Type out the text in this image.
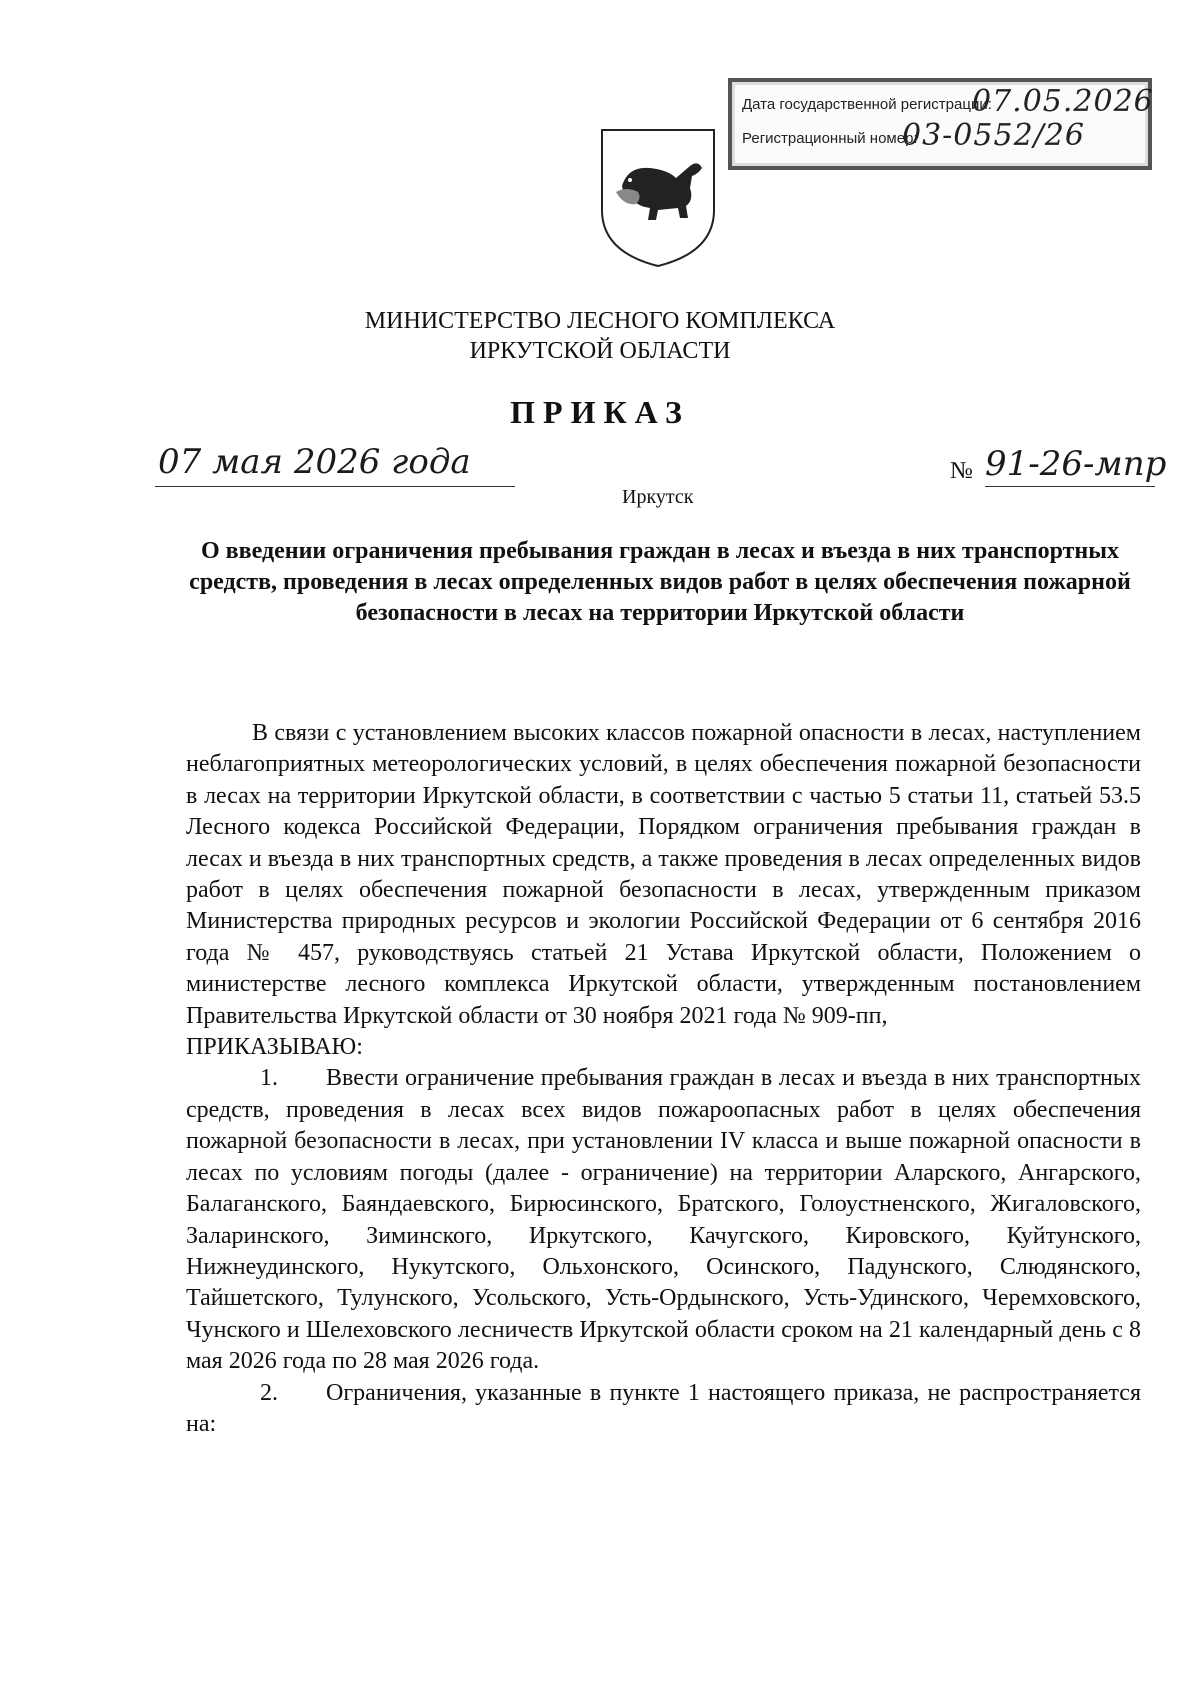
Дата государственной регистрации:
07.05.2026
Регистрационный номер:
03-0552/26
МИНИСТЕРСТВО ЛЕСНОГО КОМПЛЕКСА
ИРКУТСКОЙ ОБЛАСТИ
ПРИКАЗ
07 мая 2026 года	№ 91-26-мпр
Иркутск
О введении ограничения пребывания граждан в лесах и въезда в них транспортных средств, проведения в лесах определенных видов работ в целях обеспечения пожарной безопасности в лесах на территории Иркутской области

В связи с установлением высоких классов пожарной опасности в лесах, наступлением неблагоприятных метеорологических условий, в целях обеспечения пожарной безопасности в лесах на территории Иркутской области, в соответствии с частью 5 статьи 11, статьей 53.5 Лесного кодекса Российской Федерации, Порядком ограничения пребывания граждан в лесах и въезда в них транспортных средств, а также проведения в лесах определенных видов работ в целях обеспечения пожарной безопасности в лесах, утвержденным приказом Министерства природных ресурсов и экологии Российской Федерации от 6 сентября 2016 года № 457, руководствуясь статьей 21 Устава Иркутской области, Положением о министерстве лесного комплекса Иркутской области, утвержденным постановлением Правительства Иркутской области от 30 ноября 2021 года № 909-пп,

ПРИКАЗЫВАЮ:

1. Ввести ограничение пребывания граждан в лесах и въезда в них транспортных средств, проведения в лесах всех видов пожароопасных работ в целях обеспечения пожарной безопасности в лесах, при установлении IV класса и выше пожарной опасности в лесах по условиям погоды (далее - ограничение) на территории Аларского, Ангарского, Балаганского, Баяндаевского, Бирюсинского, Братского, Голоустненского, Жигаловского, Заларинского, Зиминского, Иркутского, Качугского, Кировского, Куйтунского, Нижнеудинского, Нукутского, Ольхонского, Осинского, Падунского, Слюдянского, Тайшетского, Тулунского, Усольского, Усть-Ордынского, Усть-Удинского, Черемховского, Чунского и Шелеховского лесничеств Иркутской области сроком на 21 календарный день с 8 мая 2026 года по 28 мая 2026 года.

2. Ограничения, указанные в пункте 1 настоящего приказа, не распространяется на:
